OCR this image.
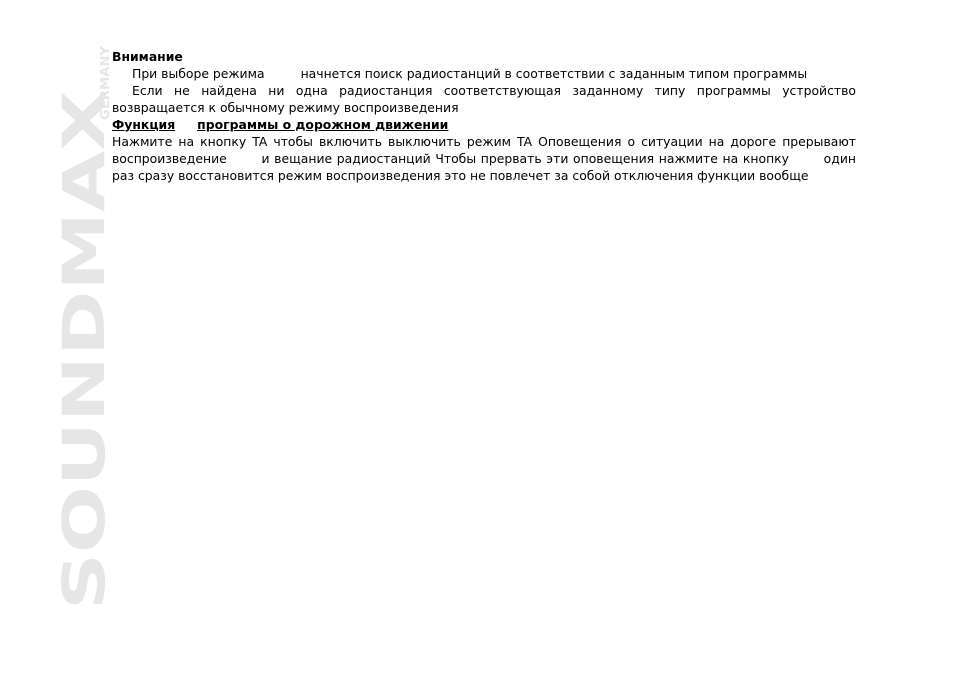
SOUNDMAX
GERMANY Внимание

При выборе режима	начнется поиск радиостанций в соответствии с заданным типом программы

Если не найдена ни одна радиостанция соответствующая заданному типу программы устройство возвращается к обычному режиму воспроизведения

Функция программы о дорожном движении

Нажмите на кнопку TA чтобы включить выключить режим TA Оповещения о ситуации на дороге прерывают воспроизведение	и вещание радиостанций Чтобы прервать эти оповещения нажмите на кнопку	один раз сразу восстановится режим воспроизведения это не повлечет за собой отключения функции вообще
